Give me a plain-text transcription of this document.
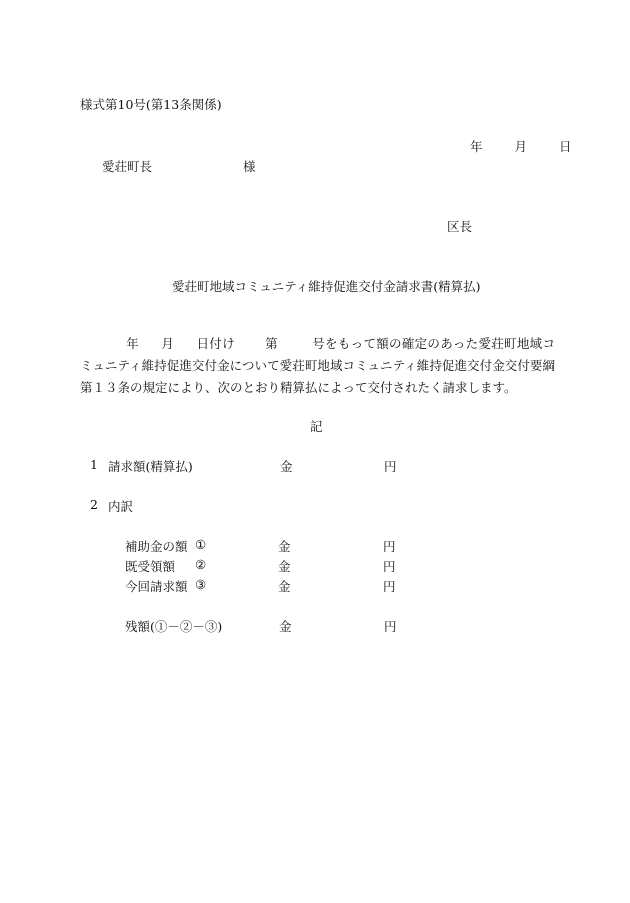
様式第10号(第13条関係)
年	月	日
愛荘町長	様
区長
愛荘町地域コミュニティ維持促進交付金請求書(精算払)
年 月 日付け 第	号をもって額の確定のあった愛荘町地域コミュニティ維持促進交付金について愛荘町地域コミュニティ維持促進交付金交付要綱第１３条の規定により、次のとおり精算払によって交付されたく請求します。
記
1 請求額(精算払)	金	円
2 内訳
補助金の額 ①	金	円
既受領額 ②	金	円
今回請求額 ③	金	円
残額(①－②－③)	金	円
